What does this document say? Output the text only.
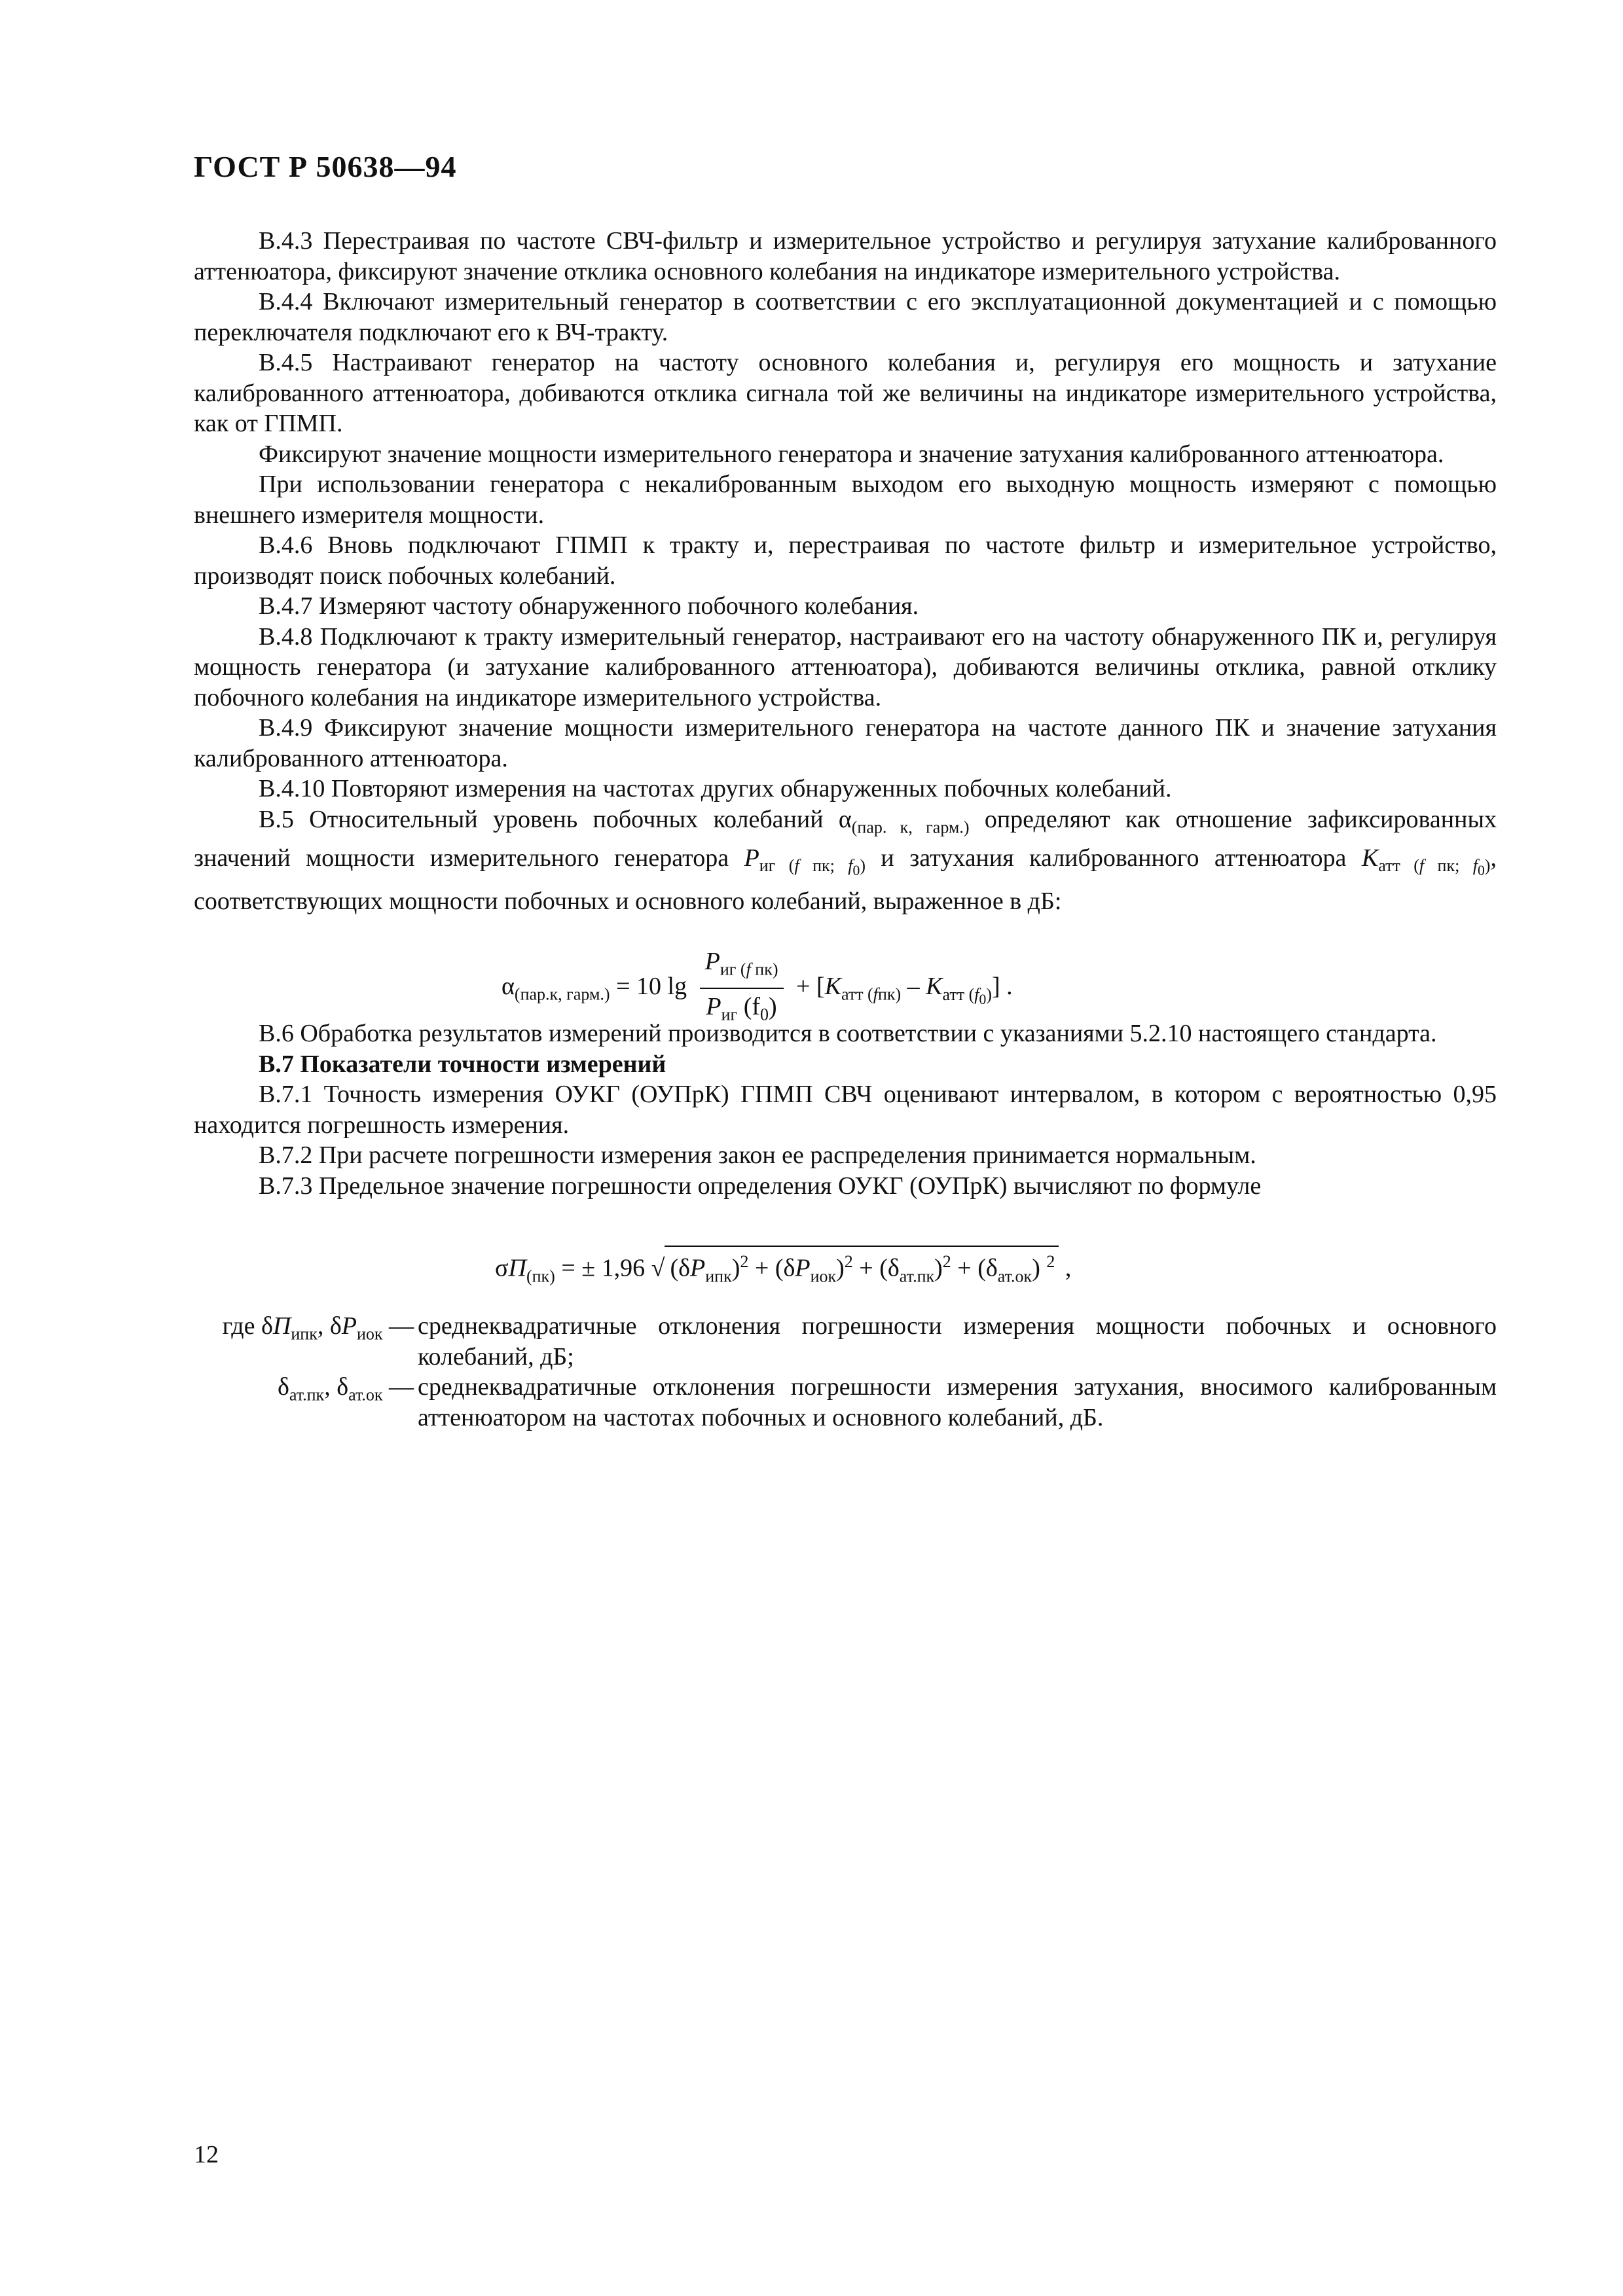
ГОСТ Р 50638—94

В.4.3 Перестраивая по частоте СВЧ-фильтр и измерительное устройство и регулируя затухание калиброванного аттенюатора, фиксируют значение отклика основного колебания на индикаторе измерительного устройства.

В.4.4 Включают измерительный генератор в соответствии с его эксплуатационной документацией и с помощью переключателя подключают его к ВЧ-тракту.

В.4.5 Настраивают генератор на частоту основного колебания и, регулируя его мощность и затухание калиброванного аттенюатора, добиваются отклика сигнала той же величины на индикаторе измерительного устройства, как от ГПМП.

Фиксируют значение мощности измерительного генератора и значение затухания калиброванного аттенюатора.

При использовании генератора с некалиброванным выходом его выходную мощность измеряют с помощью внешнего измерителя мощности.

В.4.6 Вновь подключают ГПМП к тракту и, перестраивая по частоте фильтр и измерительное устройство, производят поиск побочных колебаний.

В.4.7 Измеряют частоту обнаруженного побочного колебания.

В.4.8 Подключают к тракту измерительный генератор, настраивают его на частоту обнаруженного ПК и, регулируя мощность генератора (и затухание калиброванного аттенюатора), добиваются величины отклика, равной отклику побочного колебания на индикаторе измерительного устройства.

В.4.9 Фиксируют значение мощности измерительного генератора на частоте данного ПК и значение затухания калиброванного аттенюатора.

В.4.10 Повторяют измерения на частотах других обнаруженных побочных колебаний.

В.5 Относительный уровень побочных колебаний $\alpha_{(пар. к, гарм.)}$ определяют как отношение зафиксированных значений мощности измерительного генератора $P_{иг (f пк; f_0)}$ и затухания калиброванного аттенюатора $K_{атт (f пк; f_0)}$, соответствующих мощности побочных и основного колебаний, выраженное в дБ:

$\alpha_{(пар.к, гарм.)} = 10$ $\lg \frac{P_{иг (f пк)}}{P_{иг} (f_0)} + [K_{атт (fпк)} - K_{атт (f_0)}]$ .

В.6 Обработка результатов измерений производится в соответствии с указаниями 5.2.10 настоящего стандарта.

В.7 Показатели точности измерений

В.7.1 Точность измерения ОУКГ (ОУПрК) ГПМП СВЧ оценивают интервалом, в котором с вероятностью 0,95 находится погрешность измерения.

В.7.2 При расчете погрешности измерения закон ее распределения принимается нормальным.

В.7.3 Предельное значение погрешности определения ОУКГ (ОУПрК) вычисляют по формуле

$\sigma П_{(пк)}$ = ± 1,96 √ $(\delta P_{ипк})^2 + (\delta P_{иок})^2 + (\delta_{ат.пк})^2 + (\delta_{ат.ок})$ $^2$ ,
где $\delta П_{ипк}$, $\delta P_{иок}$ — среднеквадратичные отклонения погрешности измерения мощности побочных и основного колебаний, дБ;
$\delta_{ат.пк}$, $\delta_{ат.ок}$ — среднеквадратичные отклонения погрешности измерения затухания, вносимого калиброванным аттенюатором на частотах побочных и основного колебаний, дБ.
12
